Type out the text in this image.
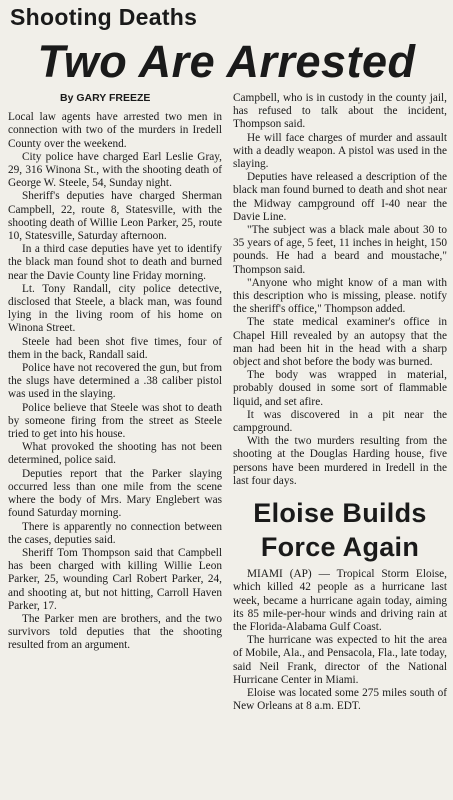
Shooting Deaths
Two Are Arrested
By GARY FREEZE

Local law agents have arrested two men in connection with two of the murders in Iredell County over the weekend.

City police have charged Earl Leslie Gray, 29, 316 Winona St., with the shooting death of George W. Steele, 54, Sunday night.

Sheriff's deputies have charged Sherman Campbell, 22, route 8, Statesville, with the shooting death of Willie Leon Parker, 25, route 10, Statesville, Saturday afternoon.

In a third case deputies have yet to identify the black man found shot to death and burned near the Davie County line Friday morning.

Lt. Tony Randall, city police detective, disclosed that Steele, a black man, was found lying in the living room of his home on Winona Street.

Steele had been shot five times, four of them in the back, Randall said.

Police have not recovered the gun, but from the slugs have determined a .38 caliber pistol was used in the slaying.

Police believe that Steele was shot to death by someone firing from the street as Steele tried to get into his house.

What provoked the shooting has not been determined, police said.

Deputies report that the Parker slaying occurred less than one mile from the scene where the body of Mrs. Mary Englebert was found Saturday morning.

There is apparently no connection between the cases, deputies said.

Sheriff Tom Thompson said that Campbell has been charged with killing Willie Leon Parker, 25, wounding Carl Robert Parker, 24, and shooting at, but not hitting, Carroll Haven Parker, 17.

The Parker men are brothers, and the two survivors told deputies that the shooting resulted from an argument.

Campbell, who is in custody in the county jail, has refused to talk about the incident, Thompson said.

He will face charges of murder and assault with a deadly weapon. A pistol was used in the slaying.

Deputies have released a description of the black man found burned to death and shot near the Midway campground off I-40 near the Davie Line.

"The subject was a black male about 30 to 35 years of age, 5 feet, 11 inches in height, 150 pounds. He had a beard and moustache," Thompson said.

"Anyone who might know of a man with this description who is missing, please. notify the sheriff's office," Thompson added.

The state medical examiner's office in Chapel Hill revealed by an autopsy that the man had been hit in the head with a sharp object and shot before the body was burned.

The body was wrapped in material, probably doused in some sort of flammable liquid, and set afire.

It was discovered in a pit near the campground.

With the two murders resulting from the shooting at the Douglas Harding house, five persons have been murdered in Iredell in the last four days.

Eloise Builds
Force Again

MIAMI (AP) — Tropical Storm Eloise, which killed 42 people as a hurricane last week, became a hurricane again today, aiming its 85 mile-per-hour winds and driving rain at the Florida-Alabama Gulf Coast.

The hurricane was expected to hit the area of Mobile, Ala., and Pensacola, Fla., late today, said Neil Frank, director of the National Hurricane Center in Miami.

Eloise was located some 275 miles south of New Orleans at 8 a.m. EDT.
